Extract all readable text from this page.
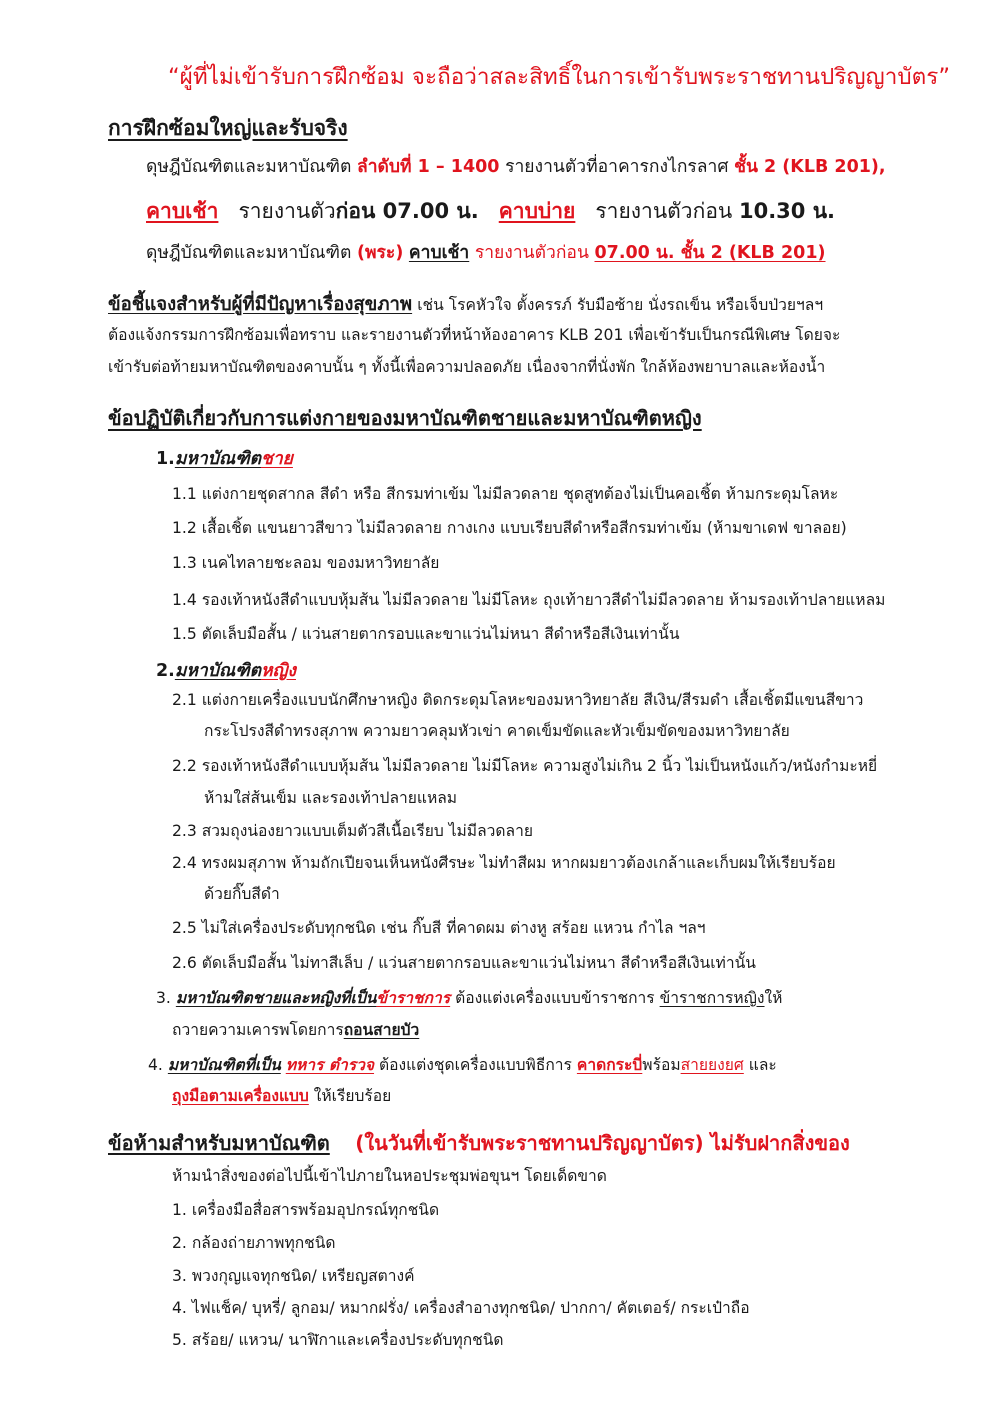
“ผู้ที่ไม่เข้ารับการฝึกซ้อม จะถือว่าสละสิทธิ์ในการเข้ารับพระราชทานปริญญาบัตร”
การฝึกซ้อมใหญ่และรับจริง
ดุษฎีบัณฑิตและมหาบัณฑิต ลำดับที่ 1 – 1400 รายงานตัวที่อาคารกงไกรลาศ ชั้น 2 (KLB 201),
คาบเช้า รายงานตัวก่อน 07.00 น. คาบบ่าย รายงานตัวก่อน 10.30 น.
ดุษฎีบัณฑิตและมหาบัณฑิต (พระ) คาบเช้า รายงานตัวก่อน 07.00 น. ชั้น 2 (KLB 201)
ข้อชี้แจงสำหรับผู้ที่มีปัญหาเรื่องสุขภาพ เช่น โรคหัวใจ ตั้งครรภ์ รับมือซ้าย นั่งรถเข็น หรือเจ็บป่วยฯลฯ
ต้องแจ้งกรรมการฝึกซ้อมเพื่อทราบ และรายงานตัวที่หน้าห้องอาคาร KLB 201 เพื่อเข้ารับเป็นกรณีพิเศษ โดยจะ
เข้ารับต่อท้ายมหาบัณฑิตของคาบนั้น ๆ ทั้งนี้เพื่อความปลอดภัย เนื่องจากที่นั่งพัก ใกล้ห้องพยาบาลและห้องน้ำ
ข้อปฏิบัติเกี่ยวกับการแต่งกายของมหาบัณฑิตชายและมหาบัณฑิตหญิง
1.มหาบัณฑิตชาย
1.1 แต่งกายชุดสากล สีดำ หรือ สีกรมท่าเข้ม ไม่มีลวดลาย ชุดสูทต้องไม่เป็นคอเชิ้ต ห้ามกระดุมโลหะ
1.2 เสื้อเชิ้ต แขนยาวสีขาว ไม่มีลวดลาย กางเกง แบบเรียบสีดำหรือสีกรมท่าเข้ม (ห้ามขาเดฟ ขาลอย)
1.3 เนคไทลายชะลอม ของมหาวิทยาลัย
1.4 รองเท้าหนังสีดำแบบหุ้มส้น ไม่มีลวดลาย ไม่มีโลหะ ถุงเท้ายาวสีดำไม่มีลวดลาย ห้ามรองเท้าปลายแหลม
1.5 ตัดเล็บมือสั้น / แว่นสายตากรอบและขาแว่นไม่หนา สีดำหรือสีเงินเท่านั้น
2.มหาบัณฑิตหญิง
2.1 แต่งกายเครื่องแบบนักศึกษาหญิง ติดกระดุมโลหะของมหาวิทยาลัย สีเงิน/สีรมดำ เสื้อเชิ้ตมีแขนสีขาว
กระโปรงสีดำทรงสุภาพ ความยาวคลุมหัวเข่า คาดเข็มขัดและหัวเข็มขัดของมหาวิทยาลัย
2.2 รองเท้าหนังสีดำแบบหุ้มส้น ไม่มีลวดลาย ไม่มีโลหะ ความสูงไม่เกิน 2 นิ้ว ไม่เป็นหนังแก้ว/หนังกำมะหยี่
ห้ามใส่ส้นเข็ม และรองเท้าปลายแหลม
2.3 สวมถุงน่องยาวแบบเต็มตัวสีเนื้อเรียบ ไม่มีลวดลาย
2.4 ทรงผมสุภาพ ห้ามถักเปียจนเห็นหนังศีรษะ ไม่ทำสีผม หากผมยาวต้องเกล้าและเก็บผมให้เรียบร้อย
ด้วยกิ๊บสีดำ
2.5 ไม่ใส่เครื่องประดับทุกชนิด เช่น กิ๊บสี ที่คาดผม ต่างหู สร้อย แหวน กำไล ฯลฯ
2.6 ตัดเล็บมือสั้น ไม่ทาสีเล็บ / แว่นสายตากรอบและขาแว่นไม่หนา สีดำหรือสีเงินเท่านั้น
3. มหาบัณฑิตชายและหญิงที่เป็นข้าราชการ ต้องแต่งเครื่องแบบข้าราชการ ข้าราชการหญิงให้
ถวายความเคารพโดยการถอนสายบัว
4. มหาบัณฑิตที่เป็น ทหาร ตำรวจ ต้องแต่งชุดเครื่องแบบพิธีการ คาดกระบี่พร้อมสายยงยศ และ
ถุงมือตามเครื่องแบบ ให้เรียบร้อย
ข้อห้ามสำหรับมหาบัณฑิต (ในวันที่เข้ารับพระราชทานปริญญาบัตร) ไม่รับฝากสิ่งของ
ห้ามนำสิ่งของต่อไปนี้เข้าไปภายในหอประชุมพ่อขุนฯ โดยเด็ดขาด
1. เครื่องมือสื่อสารพร้อมอุปกรณ์ทุกชนิด
2. กล้องถ่ายภาพทุกชนิด
3. พวงกุญแจทุกชนิด/ เหรียญสตางค์
4. ไฟแช็ค/ บุหรี่/ ลูกอม/ หมากฝรั่ง/ เครื่องสำอางทุกชนิด/ ปากกา/ คัตเตอร์/ กระเป๋าถือ
5. สร้อย/ แหวน/ นาฬิกาและเครื่องประดับทุกชนิด
